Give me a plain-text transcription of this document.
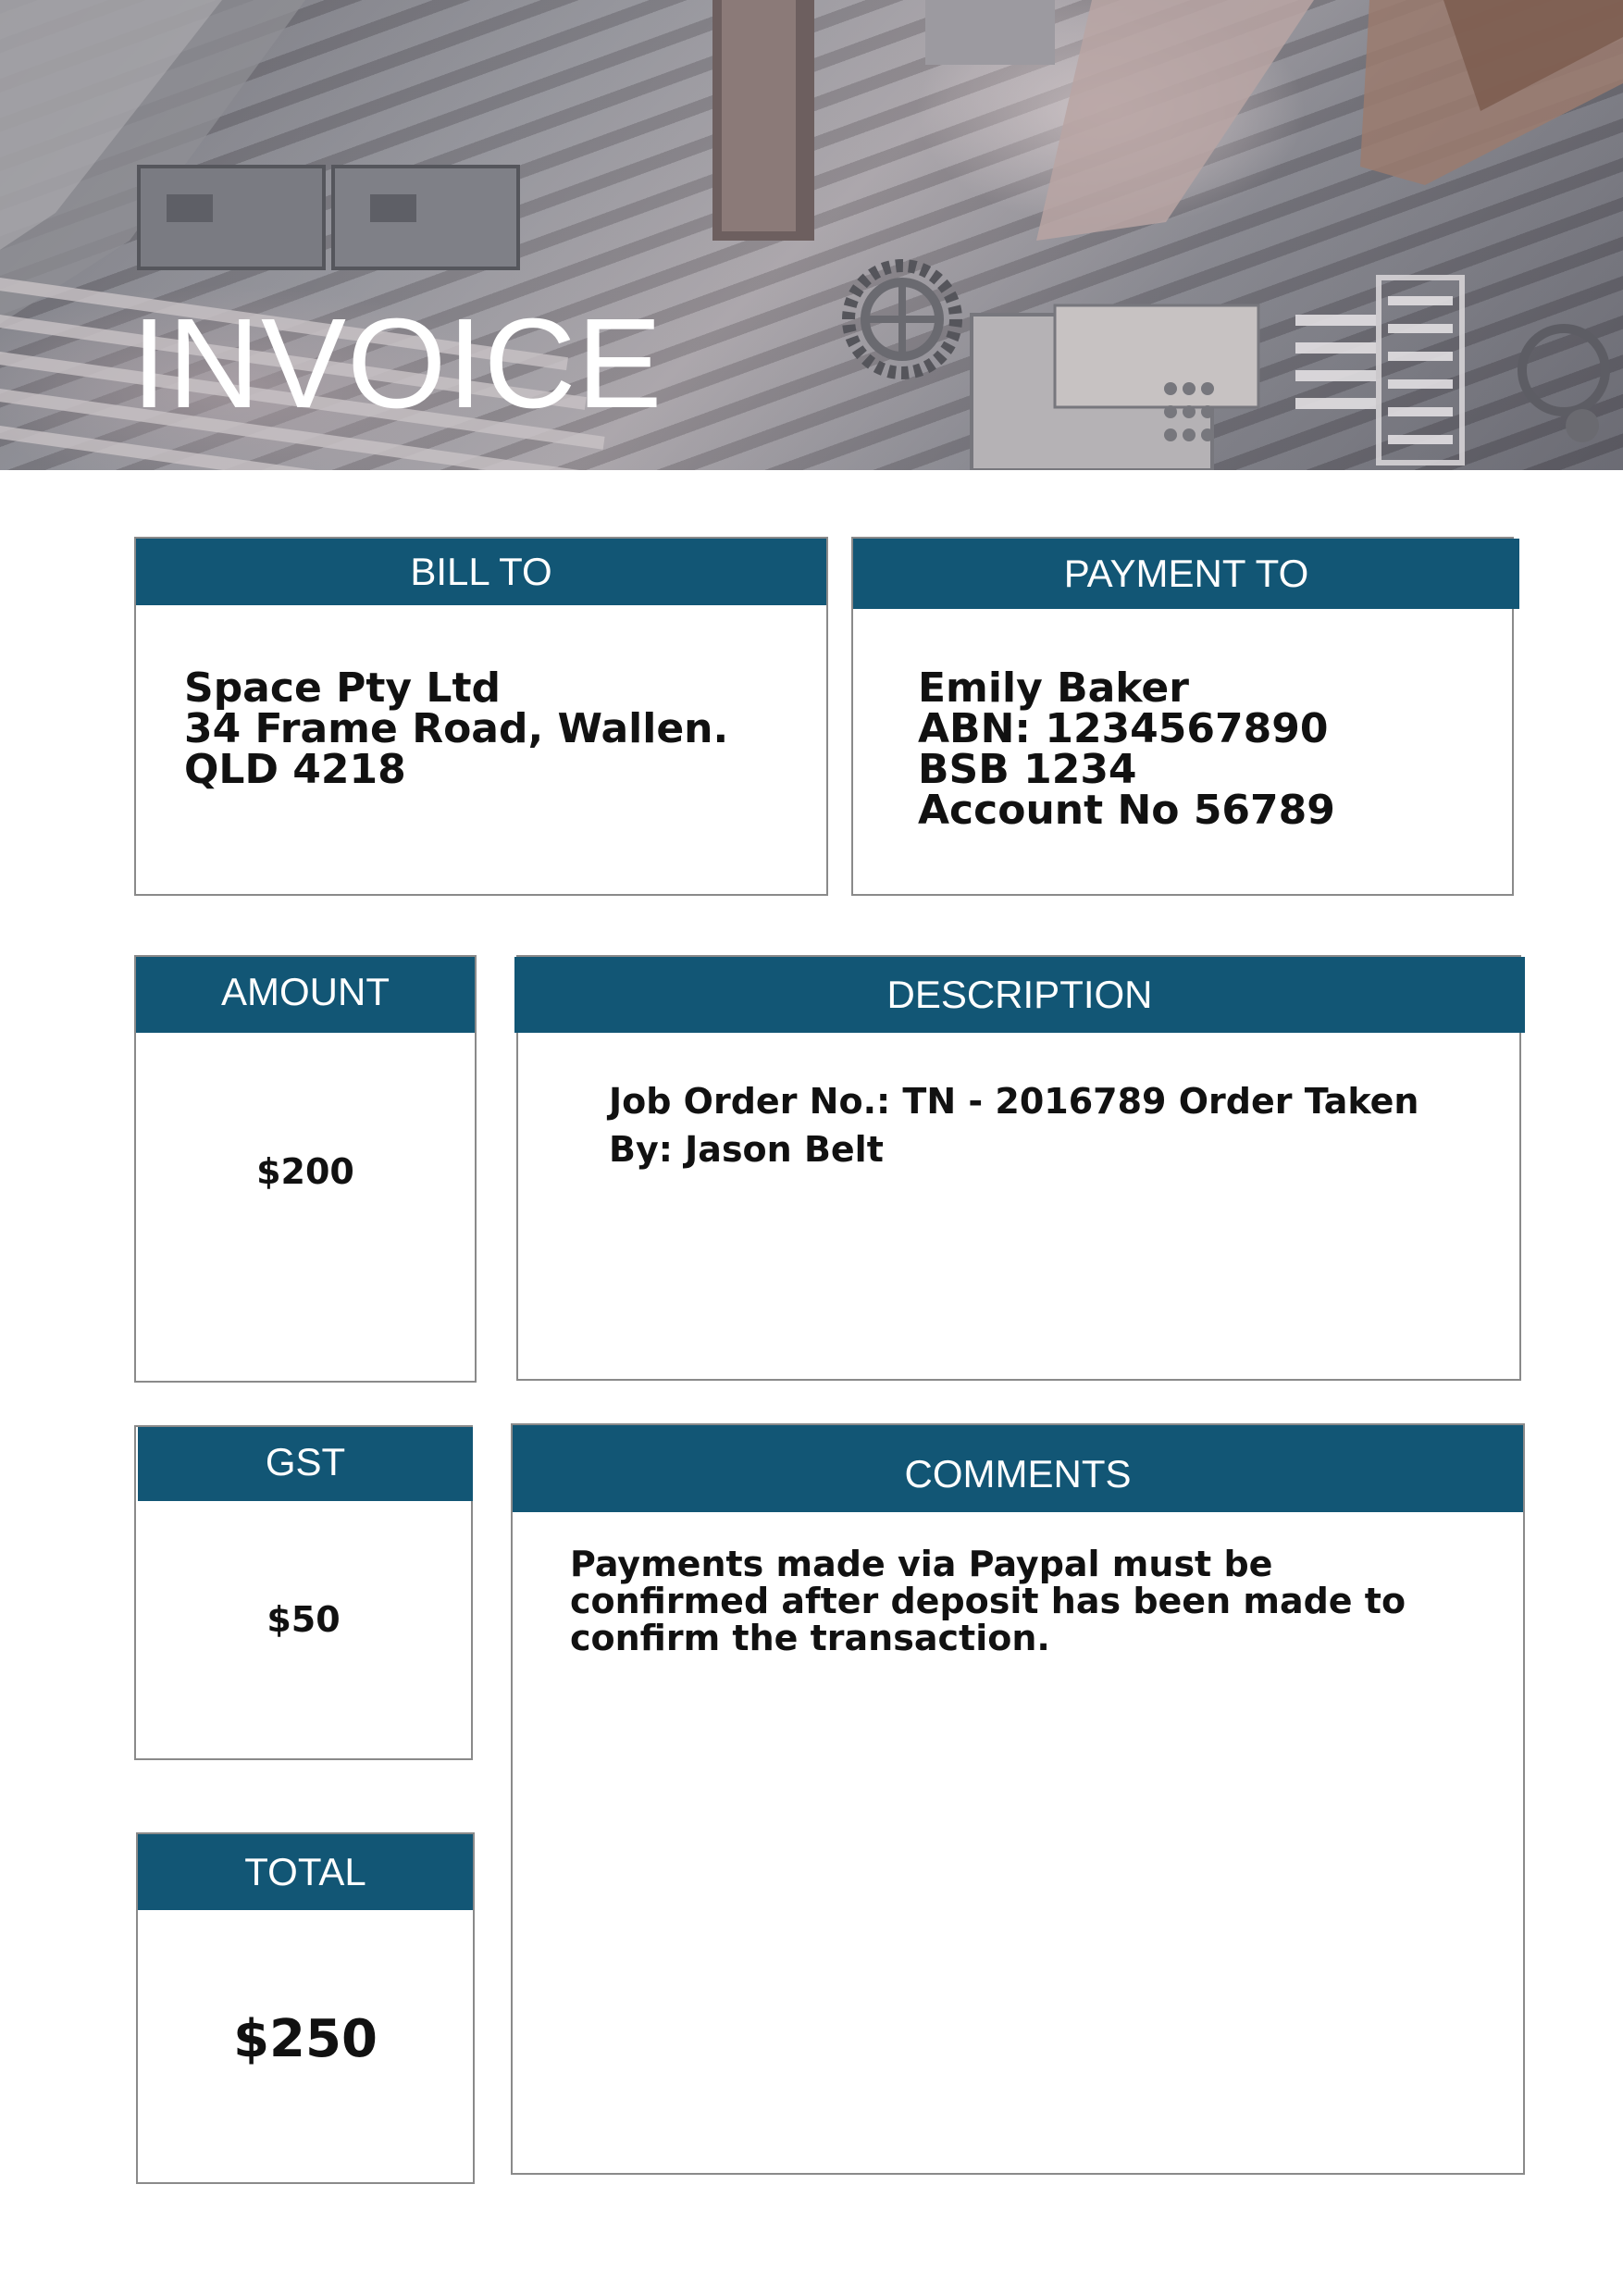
INVOICE
BILL TO
Space Pty Ltd
34 Frame Road, Wallen.
QLD 4218
PAYMENT TO
Emily Baker
ABN: 1234567890
BSB 1234
Account No 56789
AMOUNT
$200
DESCRIPTION
Job Order No.: TN - 2016789 Order Taken
By: Jason Belt
GST
$50
COMMENTS
Payments made via Paypal must be
confirmed after deposit has been made to
confirm the transaction.
TOTAL
$250
